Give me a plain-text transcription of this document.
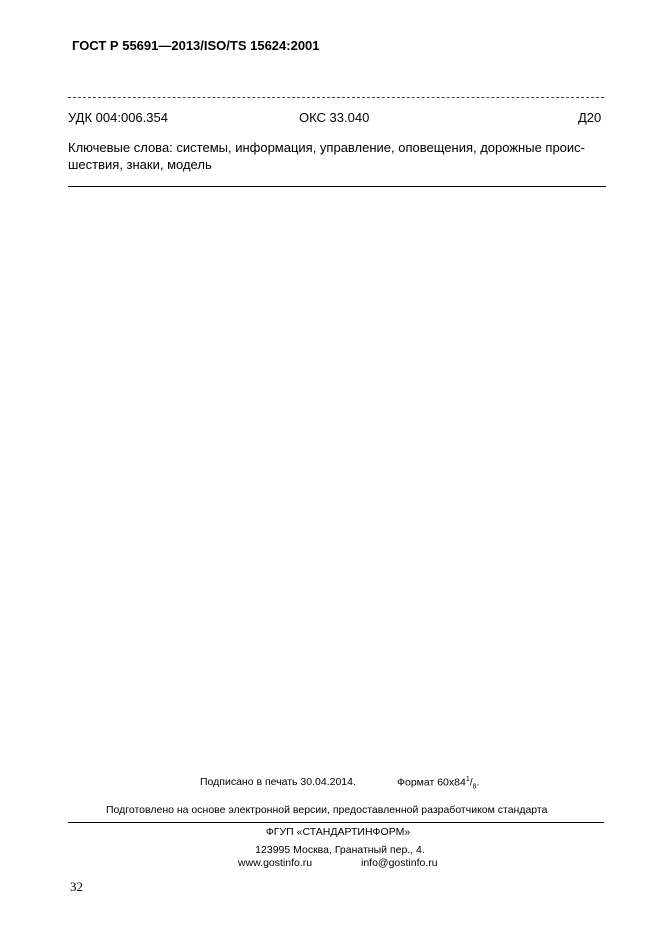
ГОСТ Р 55691—2013/ISO/TS 15624:2001
УДК 004:006.354	ОКС 33.040	Д20
Ключевые слова: системы, информация, управление, оповещения, дорожные проис-шествия, знаки, модель
Подписано в печать 30.04.2014.	Формат $60x84^1/_8$.
Подготовлено на основе электронной версии, предоставленной разработчиком стандарта
ФГУП «СТАНДАРТИНФОРМ»
123995 Москва, Гранатный пер., 4.
www.gostinfo.ru	info@gostinfo.ru
32
